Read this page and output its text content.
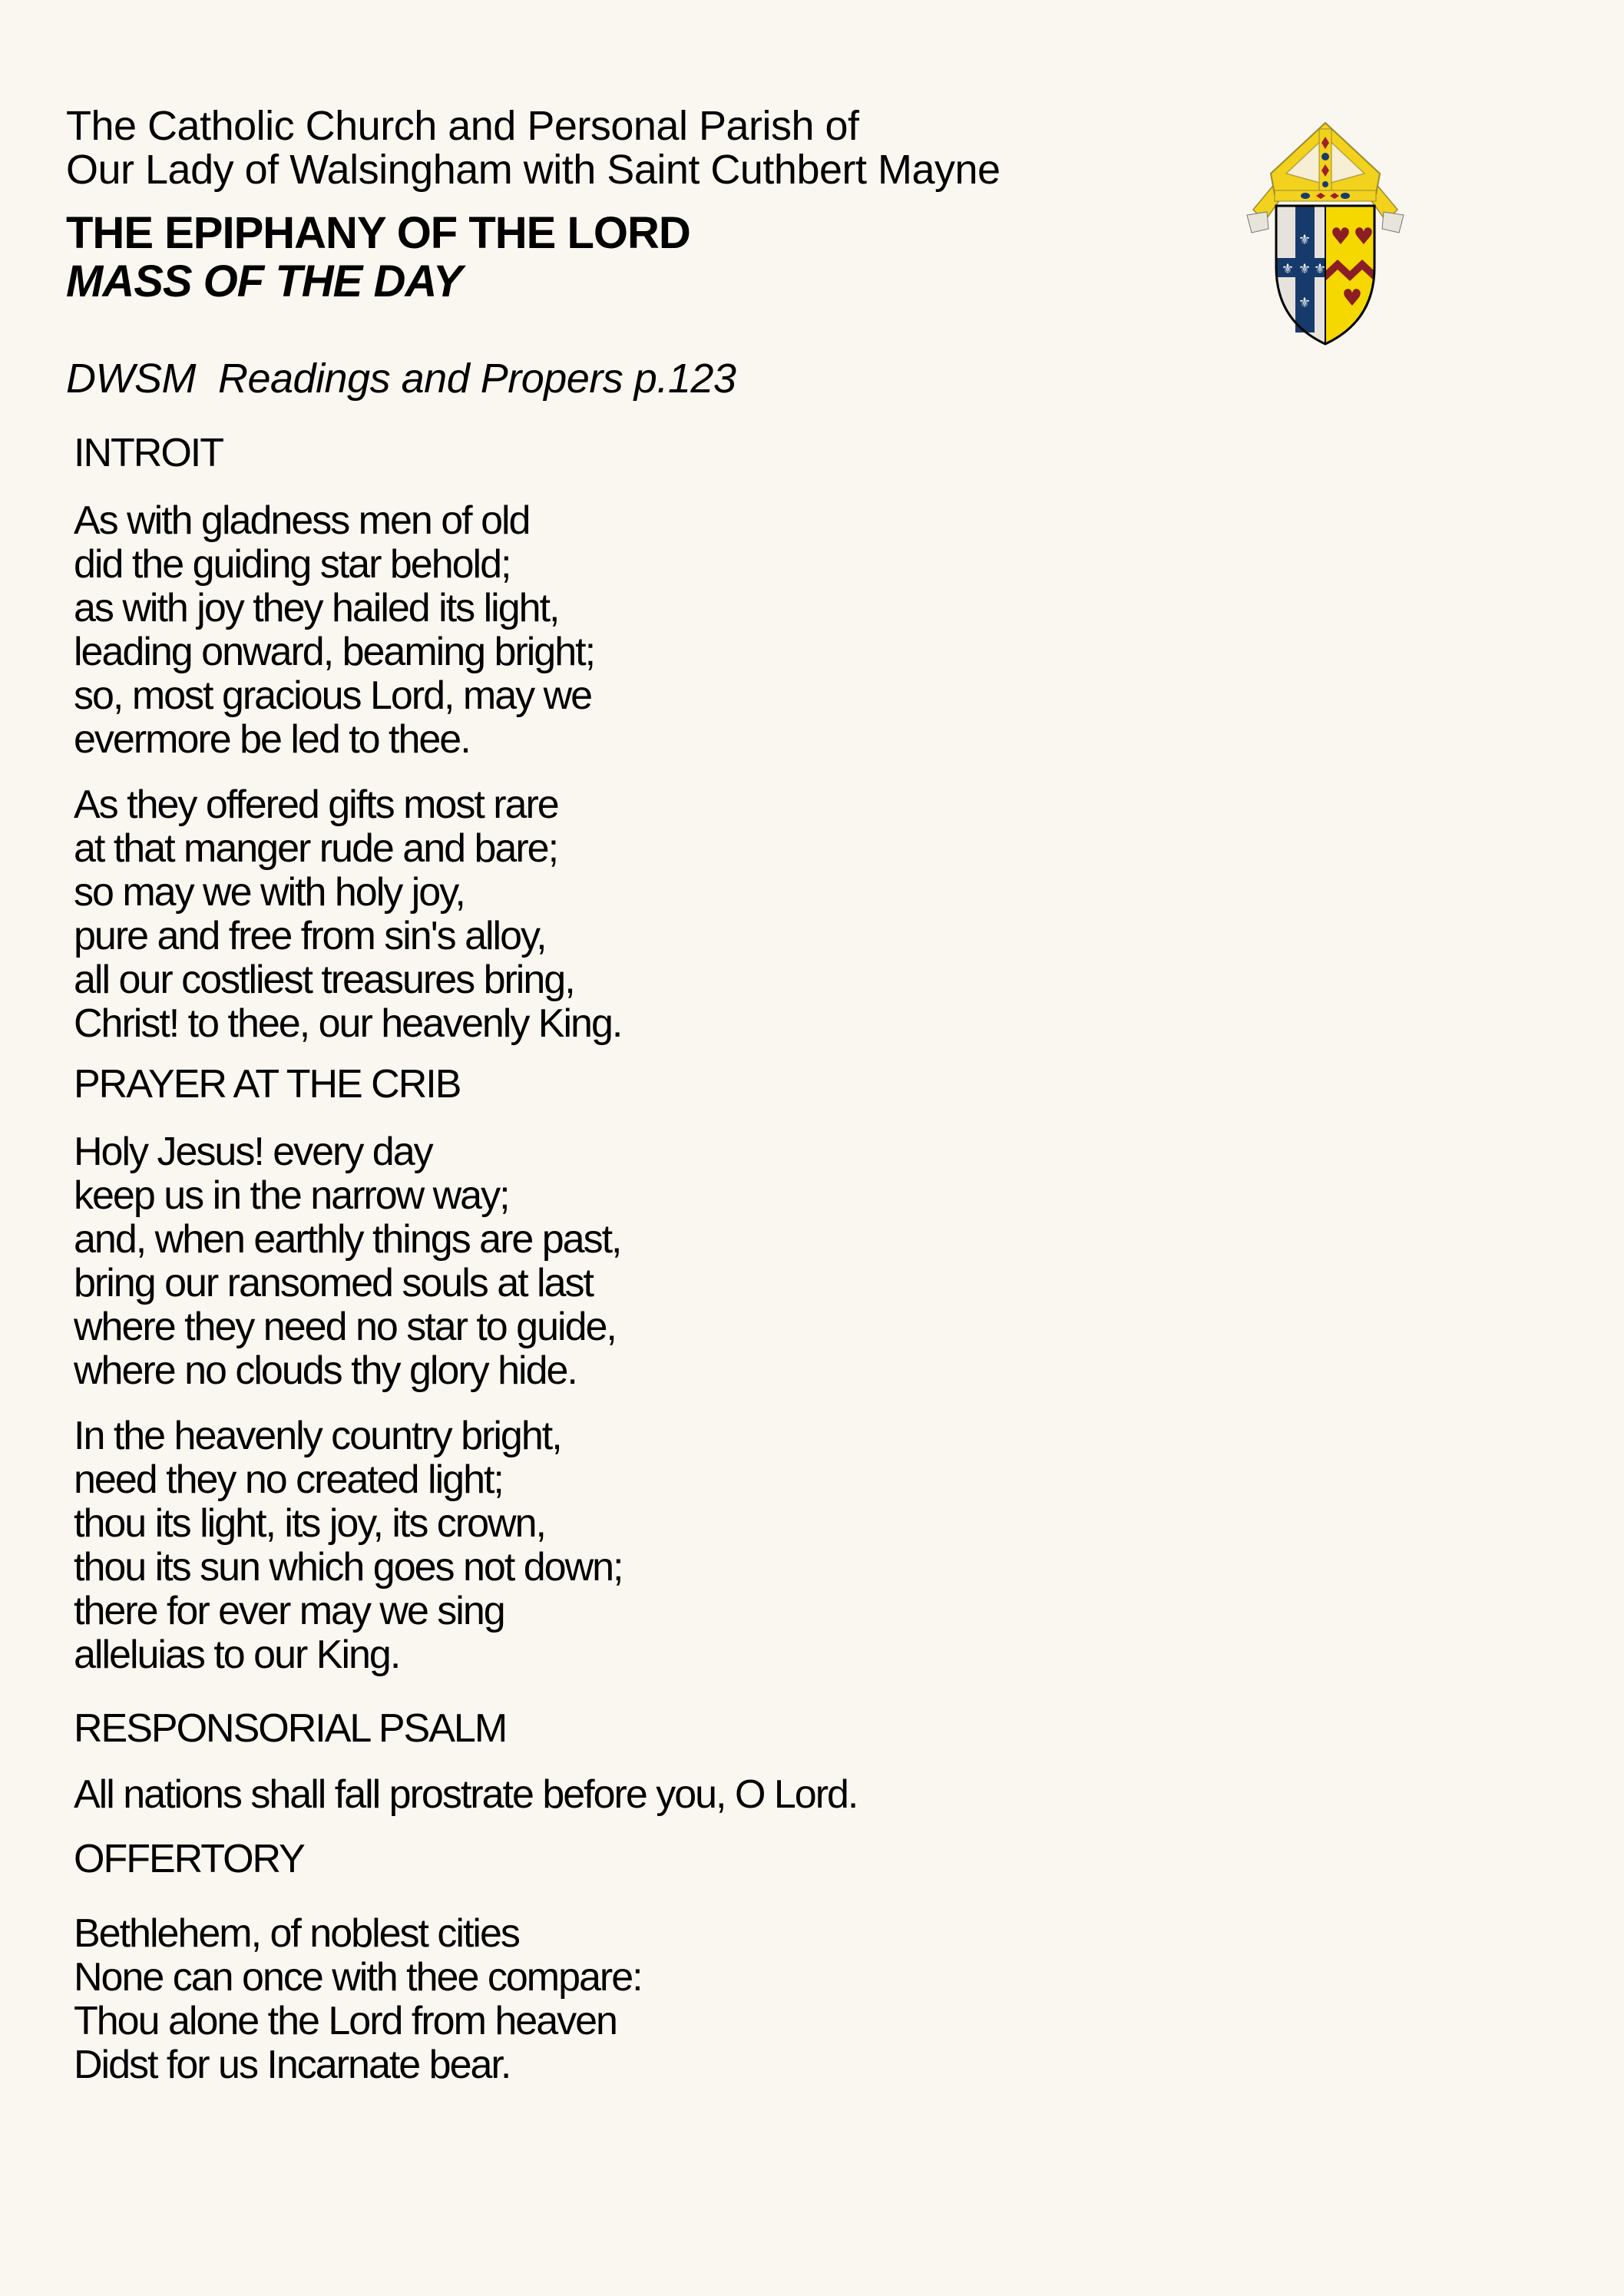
The Catholic Church and Personal Parish of
Our Lady of Walsingham with Saint Cuthbert Mayne
THE EPIPHANY OF THE LORD
MASS OF THE DAY
DWSM  Readings and Propers p.123
⚜
⚜ ⚜ ⚜
⚜
♥ ♥
♥
INTROIT
As with gladness men of old
did the guiding star behold;
as with joy they hailed its light,
leading onward, beaming bright;
so, most gracious Lord, may we
evermore be led to thee.
As they offered gifts most rare
at that manger rude and bare;
so may we with holy joy,
pure and free from sin's alloy,
all our costliest treasures bring,
Christ! to thee, our heavenly King.
PRAYER AT THE CRIB
Holy Jesus! every day
keep us in the narrow way;
and, when earthly things are past,
bring our ransomed souls at last
where they need no star to guide,
where no clouds thy glory hide.
In the heavenly country bright,
need they no created light;
thou its light, its joy, its crown,
thou its sun which goes not down;
there for ever may we sing
alleluias to our King.
RESPONSORIAL PSALM
All nations shall fall prostrate before you, O Lord.
OFFERTORY
Bethlehem, of noblest cities
None can once with thee compare:
Thou alone the Lord from heaven
Didst for us Incarnate bear.
